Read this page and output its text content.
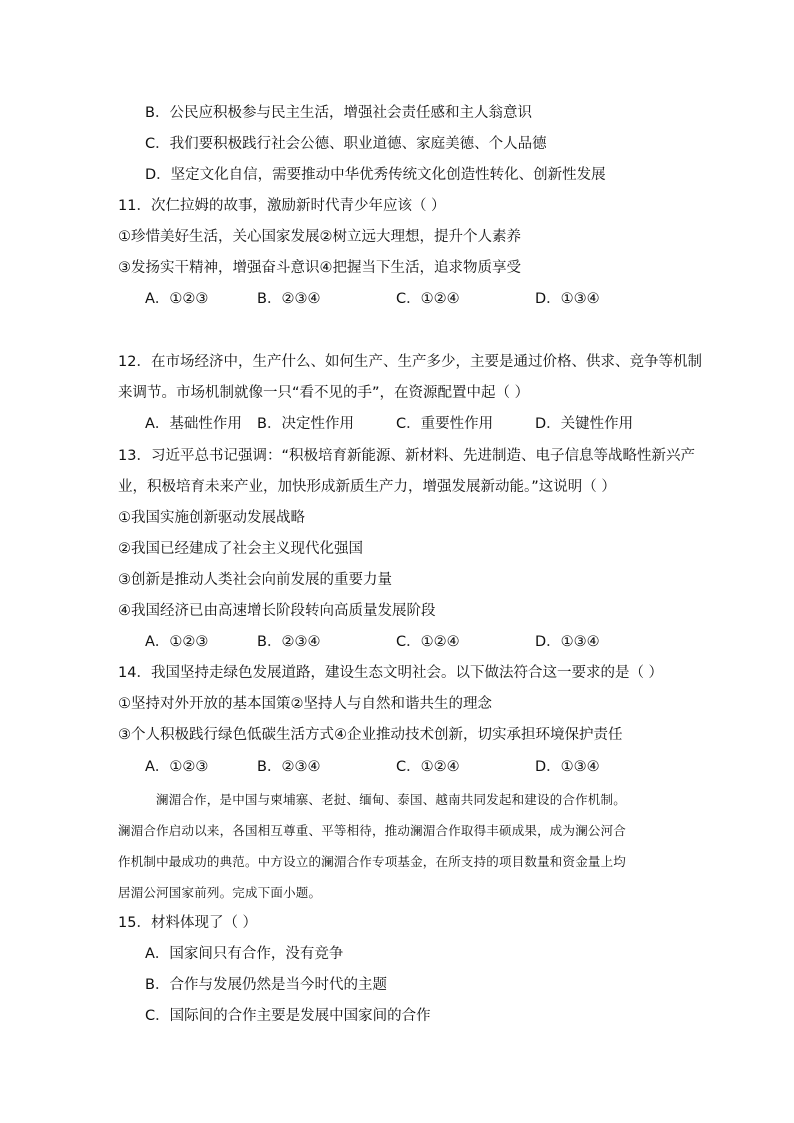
B．公民应积极参与民主生活，增强社会责任感和主人翁意识
C．我们要积极践行社会公德、职业道德、家庭美德、个人品德
D．坚定文化自信，需要推动中华优秀传统文化创造性转化、创新性发展
11．次仁拉姆的故事，激励新时代青少年应该（ ）
①珍惜美好生活，关心国家发展②树立远大理想，提升个人素养
③发扬实干精神，增强奋斗意识④把握当下生活，追求物质享受
A．①②③	B．②③④	C．①②④	D．①③④
12．在市场经济中，生产什么、如何生产、生产多少，主要是通过价格、供求、竞争等机制
来调节。市场机制就像一只“看不见的手”，在资源配置中起（ ）
A．基础性作用 B．决定性作用	C．重要性作用	D．关键性作用
13．习近平总书记强调：“积极培育新能源、新材料、先进制造、电子信息等战略性新兴产
业，积极培育未来产业，加快形成新质生产力，增强发展新动能。”这说明（ ）
①我国实施创新驱动发展战略
②我国已经建成了社会主义现代化强国
③创新是推动人类社会向前发展的重要力量
④我国经济已由高速增长阶段转向高质量发展阶段
A．①②③	B．②③④	C．①②④	D．①③④
14．我国坚持走绿色发展道路，建设生态文明社会。以下做法符合这一要求的是（ ）
①坚持对外开放的基本国策②坚持人与自然和谐共生的理念
③个人积极践行绿色低碳生活方式④企业推动技术创新，切实承担环境保护责任
A．①②③	B．②③④	C．①②④	D．①③④
澜湄合作，是中国与柬埔寨、老挝、缅甸、泰国、越南共同发起和建设的合作机制。
澜湄合作启动以来，各国相互尊重、平等相待，推动澜湄合作取得丰硕成果，成为澜公河合
作机制中最成功的典范。中方设立的澜湄合作专项基金，在所支持的项目数量和资金量上均
居湄公河国家前列。完成下面小题。
15．材料体现了（ ）
A．国家间只有合作，没有竞争
B．合作与发展仍然是当今时代的主题
C．国际间的合作主要是发展中国家间的合作
